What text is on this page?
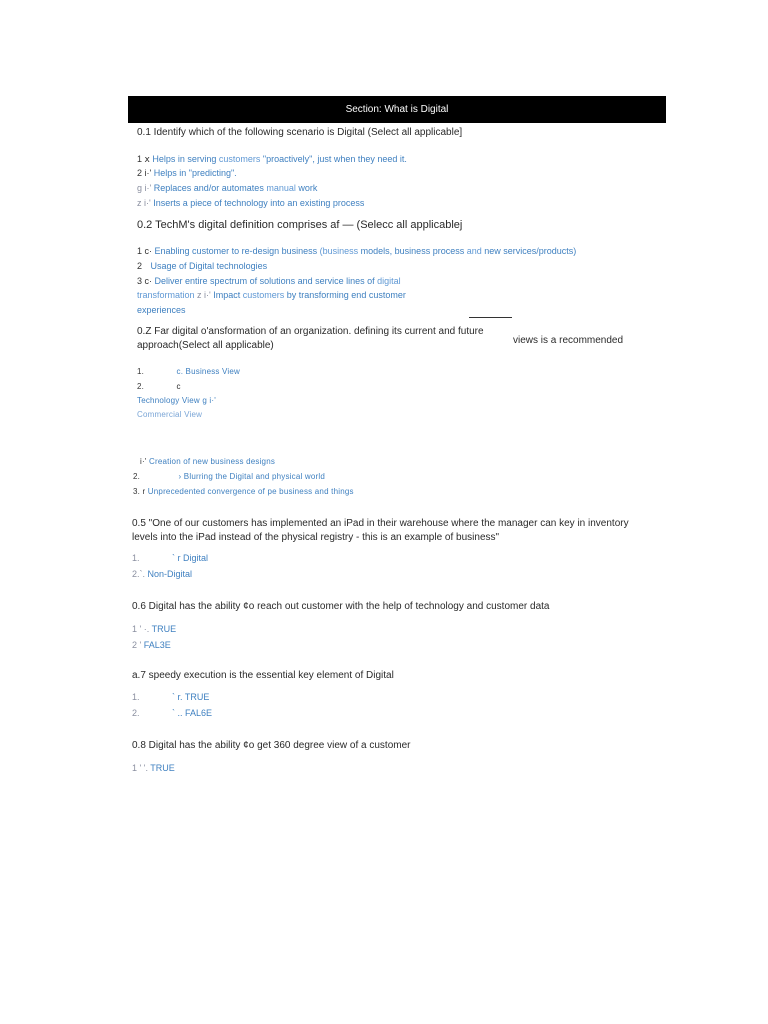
Section: What is Digital
0.1 Identify which of the following scenario is Digital (Select all applicable]
1 ⅹ Helps in serving customers "proactively", just when they need it.
2 i·' Helps in "predicting".
g i·' Replaces and/or automates manual work
z i·' Inserts a piece of technology into an existing process
0.2 TechM's digital definition comprises af — (Selecc all applicablej
1 c· Enabling customer to re-design business (business models, business process and new services/products)
2 Usage of Digital technologies
3 c· Deliver entire spectrum of solutions and service lines of digital
transformation z i·' Impact customers by transforming end customer
experiences
0.Z Far digital o'ansformation of an organization. defining its current and future
approach(Select all applicable)	views is a recommended
1.	c. Business View
2.	c
Technology View g i·'
Commercial View
i·' Creation of new business designs
2.	› Blurring the Digital and physical world
3. r Unprecedented convergence of pe business and things
0.5 "One of our customers has implemented an iPad in their warehouse where the manager can key in inventory
levels into the iPad instead of the physical registry - this is an example of business"
1.	` r Digital
2.`. Non-Digital
0.6 Digital has the ability ¢o reach out customer with the help of technology and customer data
1 ' ·. TRUE
2 ' FAL3E
a.7 speedy execution is the essential key element of Digital
1.	` r. TRUE
2.	` .. FAL6E
0.8 Digital has the ability ¢o get 360 degree view of a customer
1 ' '. TRUE
